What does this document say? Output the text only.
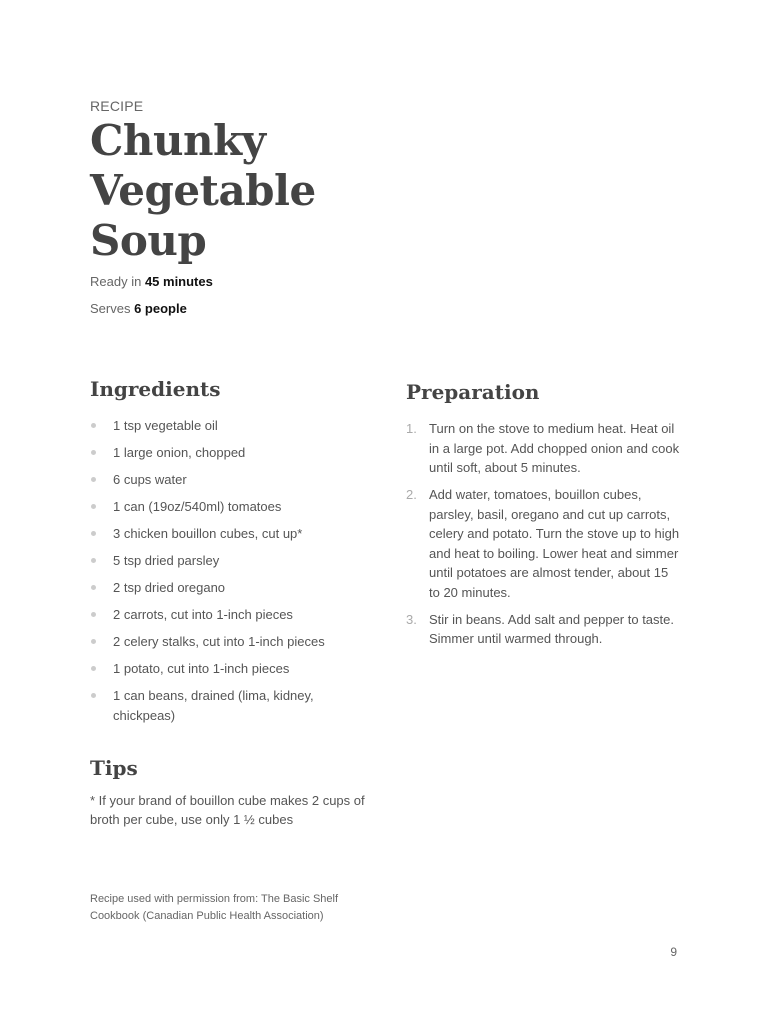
RECIPE
Chunky Vegetable Soup
Ready in 45 minutes
Serves 6 people
Ingredients
1 tsp vegetable oil
1 large onion, chopped
6 cups water
1 can (19oz/540ml) tomatoes
3 chicken bouillon cubes, cut up*
5 tsp dried parsley
2 tsp dried oregano
2 carrots, cut into 1-inch pieces
2 celery stalks, cut into 1-inch pieces
1 potato, cut into 1-inch pieces
1 can beans, drained (lima, kidney, chickpeas)
Preparation
1. Turn on the stove to medium heat. Heat oil in a large pot. Add chopped onion and cook until soft, about 5 minutes.
2. Add water, tomatoes, bouillon cubes, parsley, basil, oregano and cut up carrots, celery and potato. Turn the stove up to high and heat to boiling. Lower heat and simmer until potatoes are almost tender, about 15 to 20 minutes.
3. Stir in beans. Add salt and pepper to taste. Simmer until warmed through.
Tips

* If your brand of bouillon cube makes 2 cups of broth per cube, use only 1 ½ cubes

Recipe used with permission from: The Basic Shelf Cookbook (Canadian Public Health Association)

9
